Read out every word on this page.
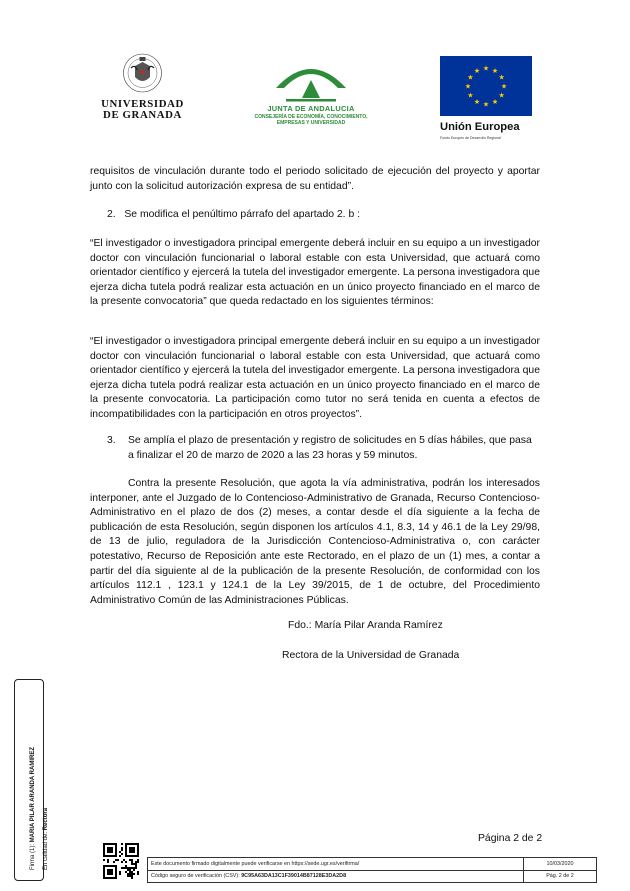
UNIVERSIDAD
DE GRANADA
JUNTA DE ANDALUCIA
CONSEJERÍA DE ECONOMÍA, CONOCIMIENTO,
EMPRESAS Y UNIVERSIDAD
★ ★
★
★
★
★
★
★
★
★
★
★
Unión Europea
Fondo Europeo de Desarrollo Regional

requisitos de vinculación durante todo el periodo solicitado de ejecución del proyecto y aportar junto con la solicitud autorización expresa de su entidad”.

2. Se modifica el penúltimo párrafo del apartado 2. b :

“El investigador o investigadora principal emergente deberá incluir en su equipo a un investigador doctor con vinculación funcionarial o laboral estable con esta Universidad, que actuará como orientador científico y ejercerá la tutela del investigador emergente. La persona investigadora que ejerza dicha tutela podrá realizar esta actuación en un único proyecto financiado en el marco de la presente convocatoria” que queda redactado en los siguientes términos:

“El investigador o investigadora principal emergente deberá incluir en su equipo a un investigador doctor con vinculación funcionarial o laboral estable con esta Universidad, que actuará como orientador científico y ejercerá la tutela del investigador emergente. La persona investigadora que ejerza dicha tutela podrá realizar esta actuación en un único proyecto financiado en el marco de la presente convocatoria. La participación como tutor no será tenida en cuenta a efectos de incompatibilidades con la participación en otros proyectos”.

3.	Se amplía el plazo de presentación y registro de solicitudes en 5 días hábiles, que pasa a finalizar el 20 de marzo de 2020 a las 23 horas y 59 minutos.

Contra la presente Resolución, que agota la vía administrativa, podrán los interesados interponer, ante el Juzgado de lo Contencioso-Administrativo de Granada, Recurso Contencioso-Administrativo en el plazo de dos (2) meses, a contar desde el día siguiente a la fecha de publicación de esta Resolución, según disponen los artículos 4.1, 8.3, 14 y 46.1 de la Ley 29/98, de 13 de julio, reguladora de la Jurisdicción Contencioso-Administrativa o, con carácter potestativo, Recurso de Reposición ante este Rectorado, en el plazo de un (1) mes, a contar a partir del día siguiente al de la publicación de la presente Resolución, de conformidad con los artículos 112.1 , 123.1 y 124.1 de la Ley 39/2015, de 1 de octubre, del Procedimiento Administrativo Común de las Administraciones Públicas.

Fdo.: María Pilar Aranda Ramírez
Rectora de la Universidad de Granada
Página 2 de 2
Firma (1): MARIA PILAR ARANDA RAMIREZ
En calidad de: Rectora
Este documento firmado digitalmente puede verificarse en https://sede.ugr.es/verifirma/	10/03/2020
Código seguro de verificación (CSV): 9C95A63DA13C1F39014B87128E3DA2D8	Pág. 2 de 2
